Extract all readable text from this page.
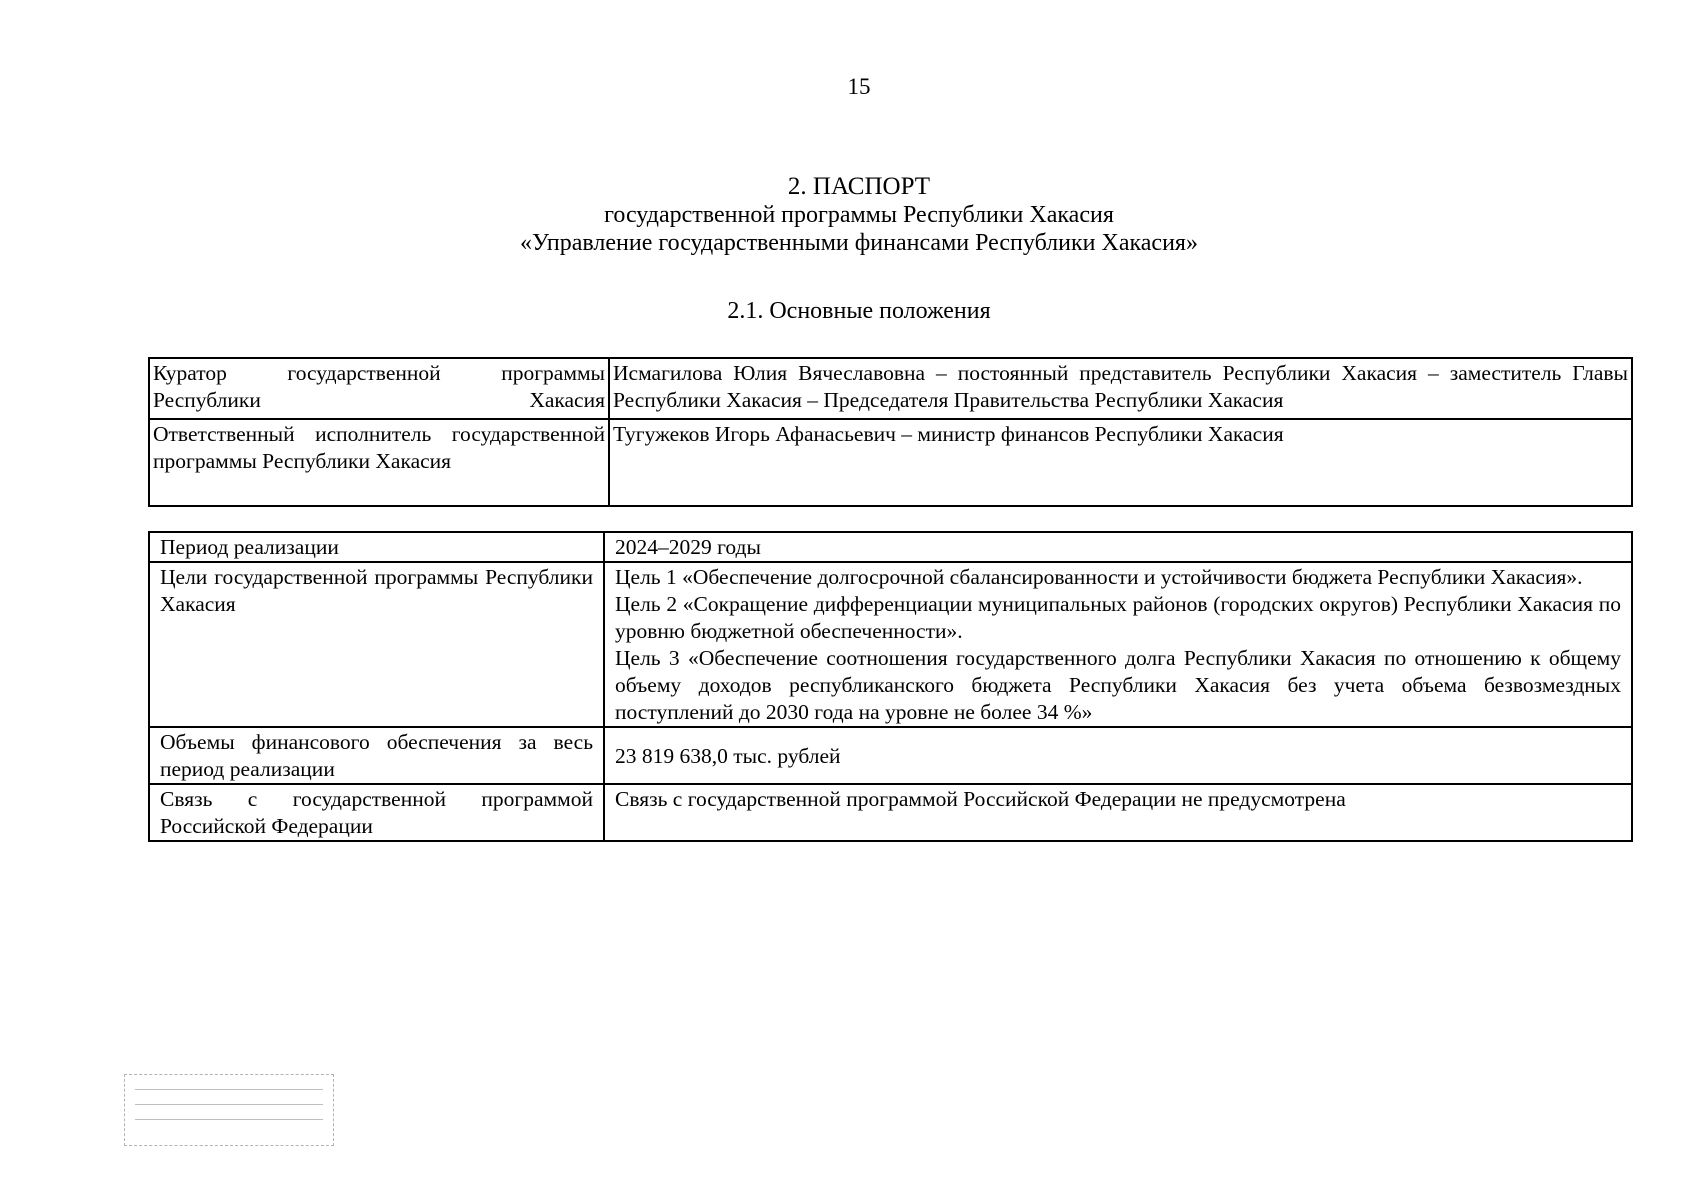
15
2. ПАСПОРТ
государственной программы Республики Хакасия
«Управление государственными финансами Республики Хакасия»
2.1. Основные положения
Куратор государственной программы Республики Хакасия	Исмагилова Юлия Вячеславовна – постоянный представитель Республики Хакасия – заместитель Главы Республики Хакасия – Председателя Правительства Республики Хакасия

Ответственный исполнитель государственной программы Республики Хакасия	Тугужеков Игорь Афанасьевич – министр финансов Республики Хакасия
Период реализации	2024–2029 годы

Цели государственной программы Республики Хакасия	Цель 1 «Обеспечение долгосрочной сбалансированности и устойчивости бюджета Республики Хакасия».
Цель 2 «Сокращение дифференциации муниципальных районов (городских округов) Республики Хакасия по уровню бюджетной обеспеченности».
Цель 3 «Обеспечение соотношения государственного долга Республики Хакасия по отношению к общему объему доходов республиканского бюджета Республики Хакасия без учета объема безвозмездных поступлений до 2030 года на уровне не более 34 %»

Объемы финансового обеспечения за весь период реализации	23 819 638,0 тыс. рублей

Связь с государственной программой Российской Федерации	Связь с государственной программой Российской Федерации не предусмотрена
